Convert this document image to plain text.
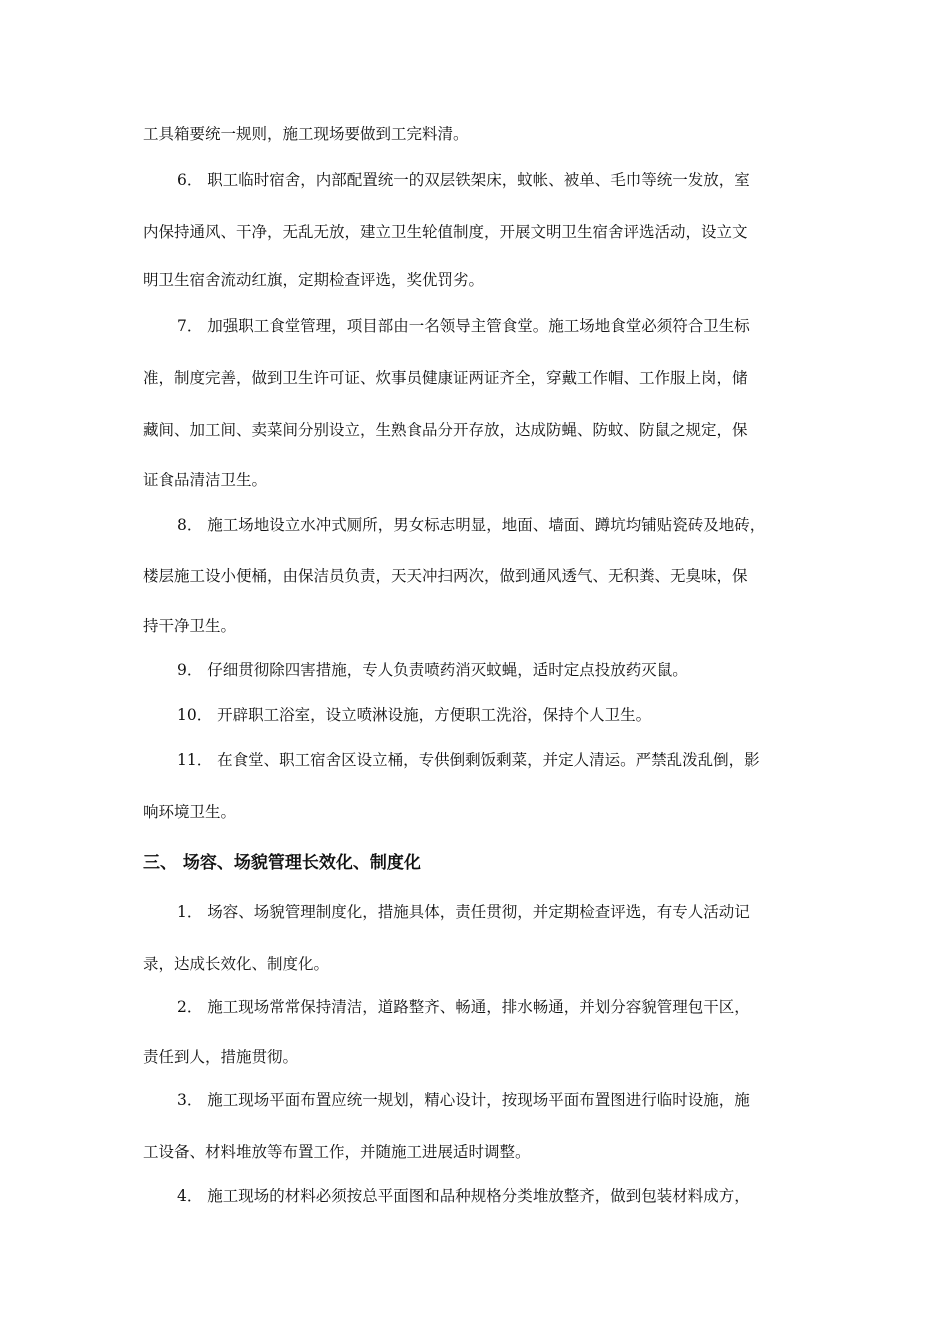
工具箱要统一规则，施工现场要做到工完料清。
6． 职工临时宿舍，内部配置统一的双层铁架床，蚊帐、被单、毛巾等统一发放，室
内保持通风、干净，无乱无放，建立卫生轮值制度，开展文明卫生宿舍评选活动，设立文
明卫生宿舍流动红旗，定期检查评选，奖优罚劣。
7． 加强职工食堂管理，项目部由一名领导主管食堂。施工场地食堂必须符合卫生标
准，制度完善，做到卫生许可证、炊事员健康证两证齐全，穿戴工作帽、工作服上岗，储
藏间、加工间、卖菜间分别设立，生熟食品分开存放，达成防蝇、防蚊、防鼠之规定，保
证食品清洁卫生。
8． 施工场地设立水冲式厕所，男女标志明显，地面、墙面、蹲坑均铺贴瓷砖及地砖，
楼层施工设小便桶，由保洁员负责，天天冲扫两次，做到通风透气、无积粪、无臭味，保
持干净卫生。
9． 仔细贯彻除四害措施，专人负责喷药消灭蚊蝇，适时定点投放药灭鼠。
10． 开辟职工浴室，设立喷淋设施，方便职工洗浴，保持个人卫生。
11． 在食堂、职工宿舍区设立桶，专供倒剩饭剩菜，并定人清运。严禁乱泼乱倒，影
响环境卫生。
三、 场容、场貌管理长效化、制度化
1． 场容、场貌管理制度化，措施具体，责任贯彻，并定期检查评选，有专人活动记
录，达成长效化、制度化。
2． 施工现场常常保持清洁，道路整齐、畅通，排水畅通，并划分容貌管理包干区，
责任到人，措施贯彻。
3． 施工现场平面布置应统一规划，精心设计，按现场平面布置图进行临时设施，施
工设备、材料堆放等布置工作，并随施工进展适时调整。
4． 施工现场的材料必须按总平面图和品种规格分类堆放整齐，做到包装材料成方，
